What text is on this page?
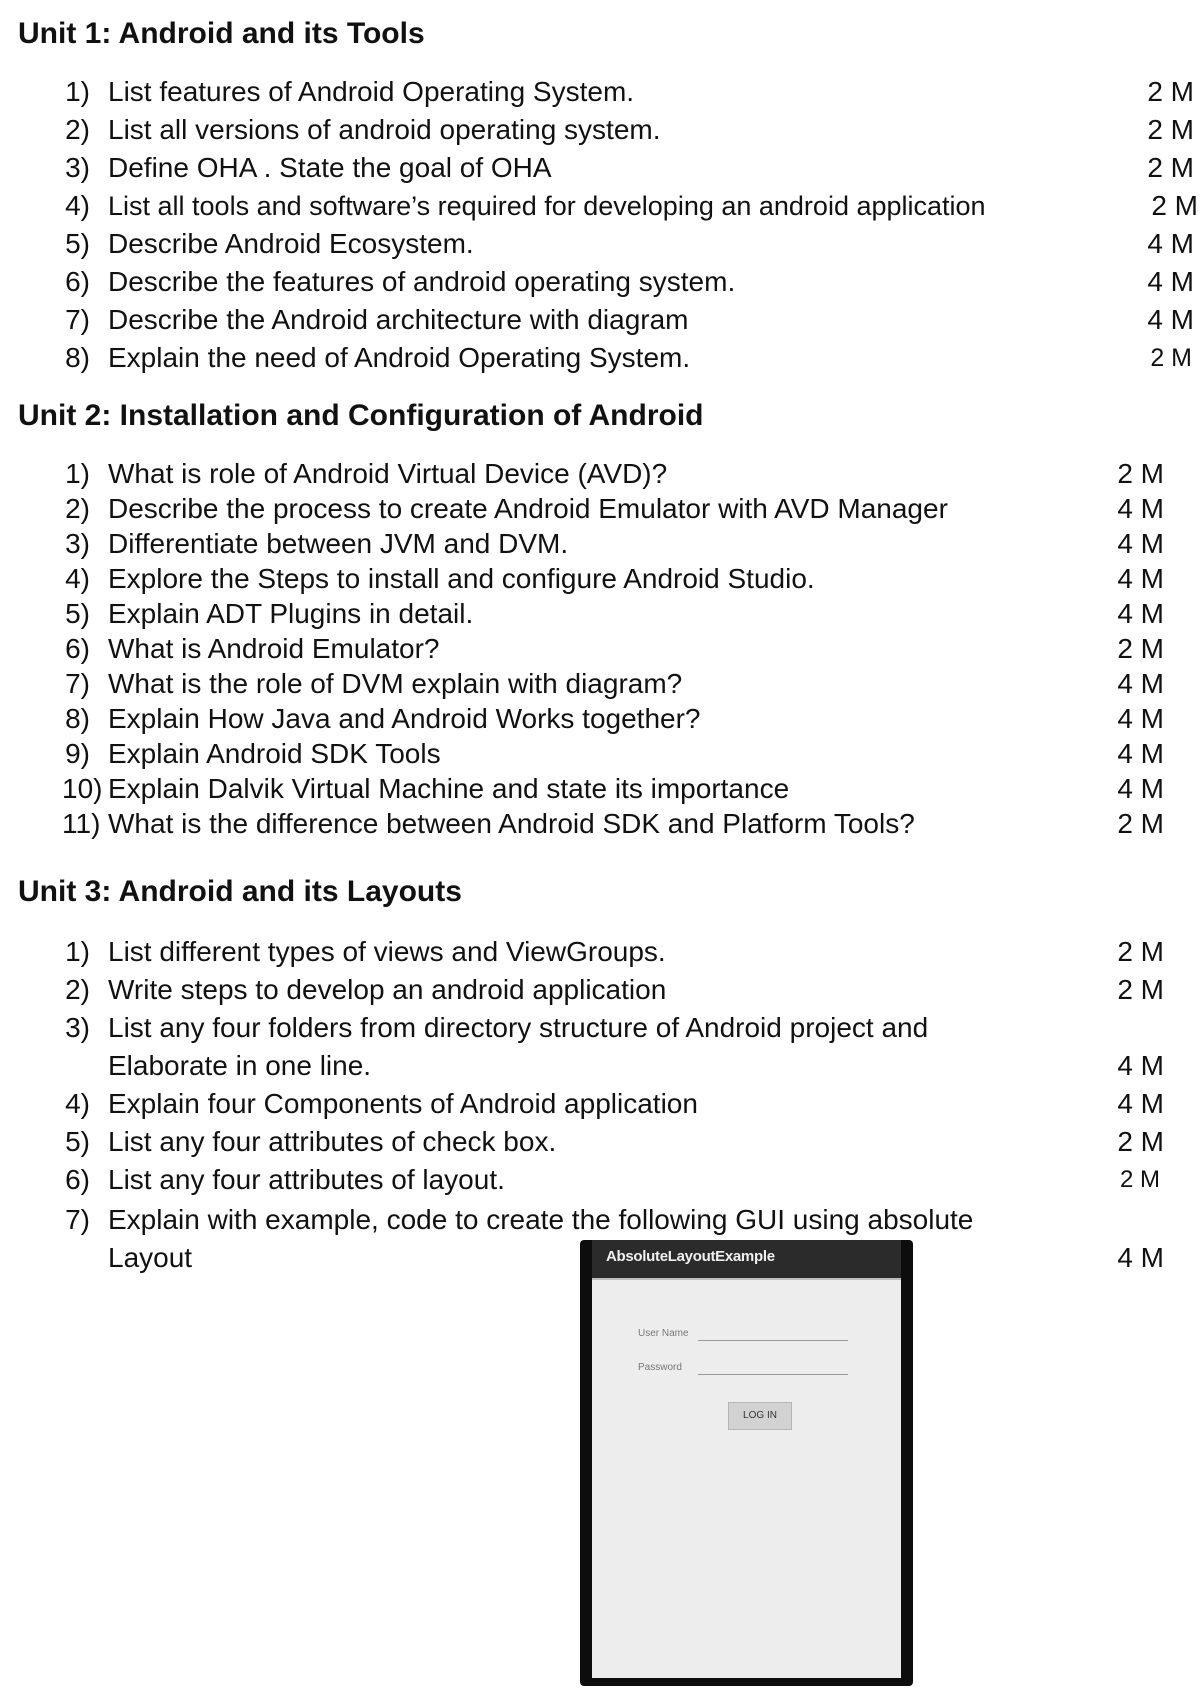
Unit 1: Android and its Tools
1) List features of Android Operating System.	2 M
2) List all versions of android operating system.	2 M
3) Define OHA . State the goal of OHA	2 M
4) List all tools and software’s required for developing an android application	2 M
5) Describe Android Ecosystem.	4 M
6) Describe the features of android operating system.	4 M
7) Describe the Android architecture with diagram	4 M
8) Explain the need of Android Operating System.	2 M
Unit 2: Installation and Configuration of Android
1) What is role of Android Virtual Device (AVD)?	2 M
2) Describe the process to create Android Emulator with AVD Manager	4 M
3) Differentiate between JVM and DVM.	4 M
4) Explore the Steps to install and configure Android Studio.	4 M
5) Explain ADT Plugins in detail.	4 M
6) What is Android Emulator?	2 M
7) What is the role of DVM explain with diagram?	4 M
8) Explain How Java and Android Works together?	4 M
9) Explain Android SDK Tools	4 M
10) Explain Dalvik Virtual Machine and state its importance	4 M
11) What is the difference between Android SDK and Platform Tools?	2 M
Unit 3: Android and its Layouts
1) List different types of views and ViewGroups.	2 M
2) Write steps to develop an android application	2 M
3) List any four folders from directory structure of Android project and
Elaborate in one line.	4 M
4) Explain four Components of Android application	4 M
5) List any four attributes of check box.	2 M
6) List any four attributes of layout.	2 M
7) Explain with example, code to create the following GUI using absolute
Layout	4 M
AbsoluteLayoutExample
User Name
Password
LOG IN
